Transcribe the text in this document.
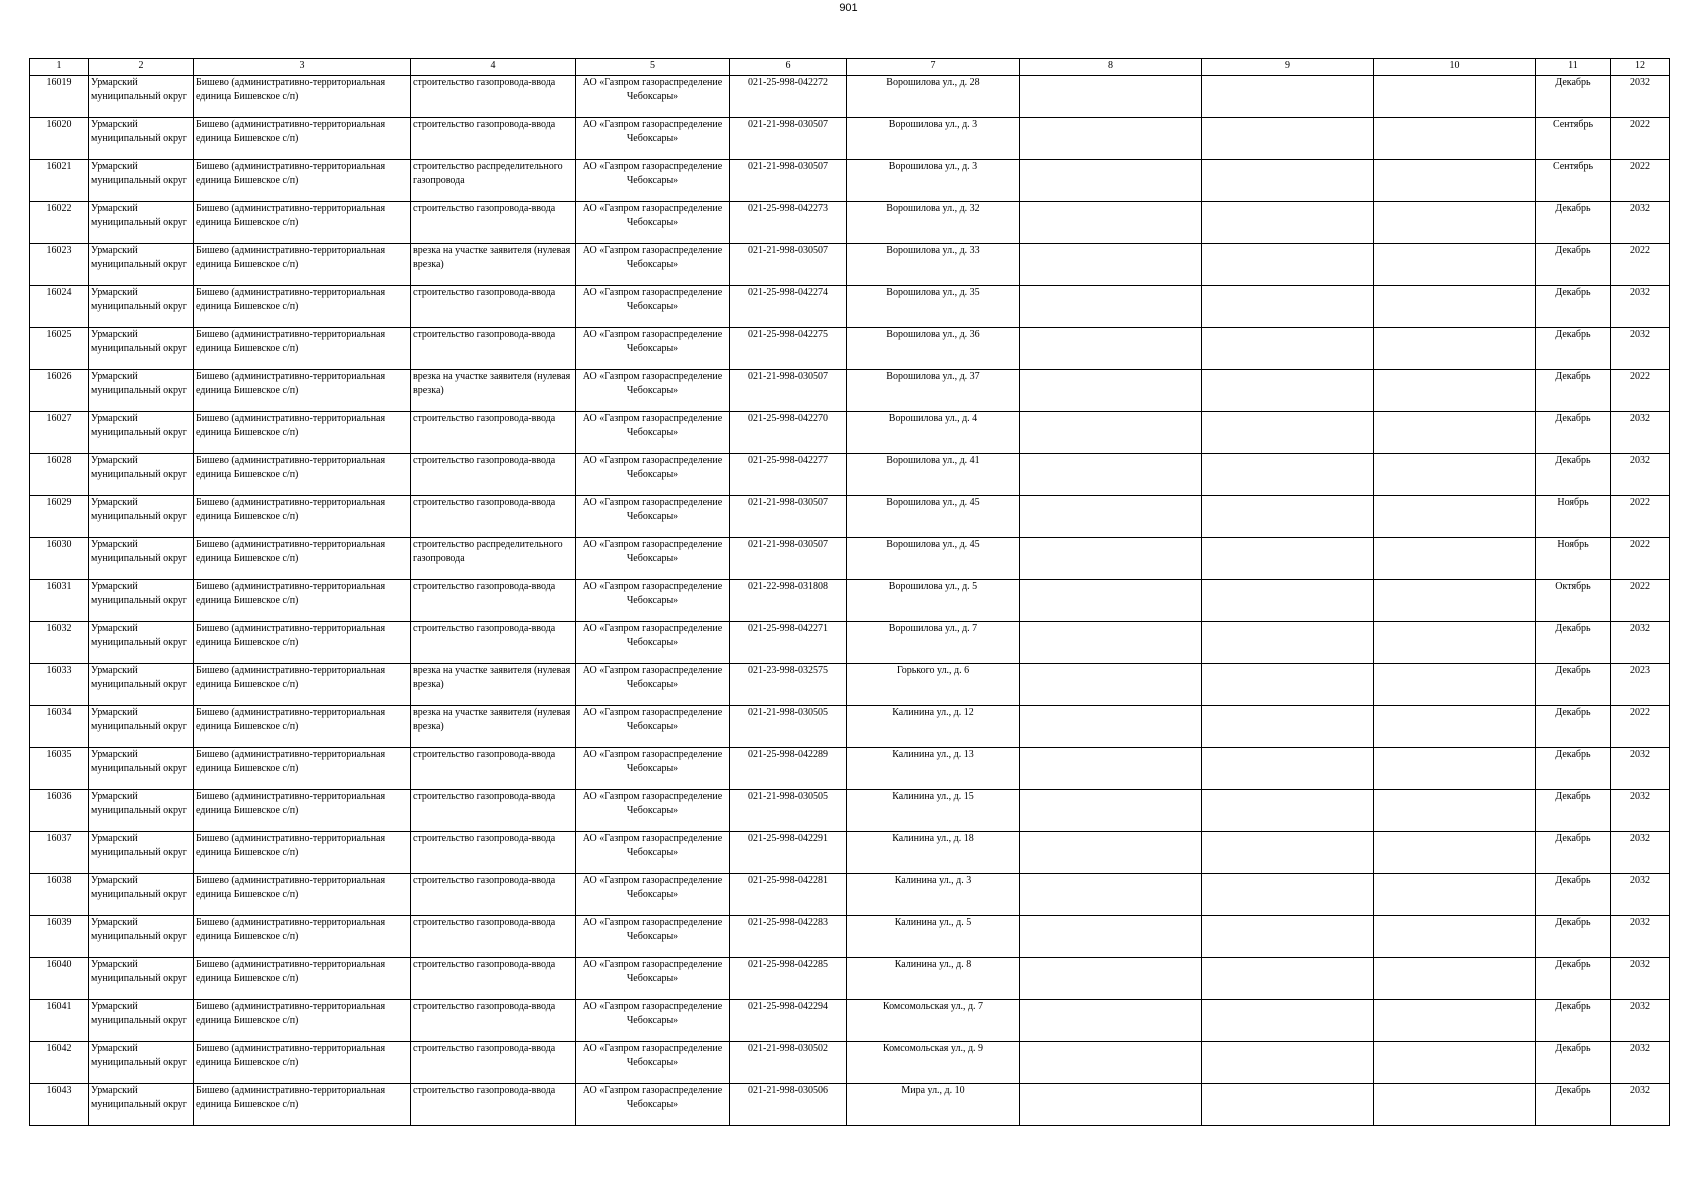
901
1	2	3	4	5	6	7	8	9	10	11	12

16019	Урмарский муниципальный округ	Бишево (административно-территориальная единица Бишевское с/п)	строительство газопровода-ввода	АО «Газпром газораспределение Чебоксары»	021-25-998-042272	Ворошилова ул., д. 28				Декабрь	2032

16020	Урмарский муниципальный округ	Бишево (административно-территориальная единица Бишевское с/п)	строительство газопровода-ввода	АО «Газпром газораспределение Чебоксары»	021-21-998-030507	Ворошилова ул., д. 3				Сентябрь	2022

16021	Урмарский муниципальный округ	Бишево (административно-территориальная единица Бишевское с/п)	строительство распределительного газопровода	АО «Газпром газораспределение Чебоксары»	021-21-998-030507	Ворошилова ул., д. 3				Сентябрь	2022

16022	Урмарский муниципальный округ	Бишево (административно-территориальная единица Бишевское с/п)	строительство газопровода-ввода	АО «Газпром газораспределение Чебоксары»	021-25-998-042273	Ворошилова ул., д. 32				Декабрь	2032

16023	Урмарский муниципальный округ	Бишево (административно-территориальная единица Бишевское с/п)	врезка на участке заявителя (нулевая врезка)	АО «Газпром газораспределение Чебоксары»	021-21-998-030507	Ворошилова ул., д. 33				Декабрь	2022

16024	Урмарский муниципальный округ	Бишево (административно-территориальная единица Бишевское с/п)	строительство газопровода-ввода	АО «Газпром газораспределение Чебоксары»	021-25-998-042274	Ворошилова ул., д. 35				Декабрь	2032

16025	Урмарский муниципальный округ	Бишево (административно-территориальная единица Бишевское с/п)	строительство газопровода-ввода	АО «Газпром газораспределение Чебоксары»	021-25-998-042275	Ворошилова ул., д. 36				Декабрь	2032

16026	Урмарский муниципальный округ	Бишево (административно-территориальная единица Бишевское с/п)	врезка на участке заявителя (нулевая врезка)	АО «Газпром газораспределение Чебоксары»	021-21-998-030507	Ворошилова ул., д. 37				Декабрь	2022

16027	Урмарский муниципальный округ	Бишево (административно-территориальная единица Бишевское с/п)	строительство газопровода-ввода	АО «Газпром газораспределение Чебоксары»	021-25-998-042270	Ворошилова ул., д. 4				Декабрь	2032

16028	Урмарский муниципальный округ	Бишево (административно-территориальная единица Бишевское с/п)	строительство газопровода-ввода	АО «Газпром газораспределение Чебоксары»	021-25-998-042277	Ворошилова ул., д. 41				Декабрь	2032

16029	Урмарский муниципальный округ	Бишево (административно-территориальная единица Бишевское с/п)	строительство газопровода-ввода	АО «Газпром газораспределение Чебоксары»	021-21-998-030507	Ворошилова ул., д. 45				Ноябрь	2022

16030	Урмарский муниципальный округ	Бишево (административно-территориальная единица Бишевское с/п)	строительство распределительного газопровода	АО «Газпром газораспределение Чебоксары»	021-21-998-030507	Ворошилова ул., д. 45				Ноябрь	2022

16031	Урмарский муниципальный округ	Бишево (административно-территориальная единица Бишевское с/п)	строительство газопровода-ввода	АО «Газпром газораспределение Чебоксары»	021-22-998-031808	Ворошилова ул., д. 5				Октябрь	2022

16032	Урмарский муниципальный округ	Бишево (административно-территориальная единица Бишевское с/п)	строительство газопровода-ввода	АО «Газпром газораспределение Чебоксары»	021-25-998-042271	Ворошилова ул., д. 7				Декабрь	2032

16033	Урмарский муниципальный округ	Бишево (административно-территориальная единица Бишевское с/п)	врезка на участке заявителя (нулевая врезка)	АО «Газпром газораспределение Чебоксары»	021-23-998-032575	Горького ул., д. 6				Декабрь	2023

16034	Урмарский муниципальный округ	Бишево (административно-территориальная единица Бишевское с/п)	врезка на участке заявителя (нулевая врезка)	АО «Газпром газораспределение Чебоксары»	021-21-998-030505	Калинина ул., д. 12				Декабрь	2022

16035	Урмарский муниципальный округ	Бишево (административно-территориальная единица Бишевское с/п)	строительство газопровода-ввода	АО «Газпром газораспределение Чебоксары»	021-25-998-042289	Калинина ул., д. 13				Декабрь	2032

16036	Урмарский муниципальный округ	Бишево (административно-территориальная единица Бишевское с/п)	строительство газопровода-ввода	АО «Газпром газораспределение Чебоксары»	021-21-998-030505	Калинина ул., д. 15				Декабрь	2032

16037	Урмарский муниципальный округ	Бишево (административно-территориальная единица Бишевское с/п)	строительство газопровода-ввода	АО «Газпром газораспределение Чебоксары»	021-25-998-042291	Калинина ул., д. 18				Декабрь	2032

16038	Урмарский муниципальный округ	Бишево (административно-территориальная единица Бишевское с/п)	строительство газопровода-ввода	АО «Газпром газораспределение Чебоксары»	021-25-998-042281	Калинина ул., д. 3				Декабрь	2032

16039	Урмарский муниципальный округ	Бишево (административно-территориальная единица Бишевское с/п)	строительство газопровода-ввода	АО «Газпром газораспределение Чебоксары»	021-25-998-042283	Калинина ул., д. 5				Декабрь	2032

16040	Урмарский муниципальный округ	Бишево (административно-территориальная единица Бишевское с/п)	строительство газопровода-ввода	АО «Газпром газораспределение Чебоксары»	021-25-998-042285	Калинина ул., д. 8				Декабрь	2032

16041	Урмарский муниципальный округ	Бишево (административно-территориальная единица Бишевское с/п)	строительство газопровода-ввода	АО «Газпром газораспределение Чебоксары»	021-25-998-042294	Комсомольская ул., д. 7				Декабрь	2032

16042	Урмарский муниципальный округ	Бишево (административно-территориальная единица Бишевское с/п)	строительство газопровода-ввода	АО «Газпром газораспределение Чебоксары»	021-21-998-030502	Комсомольская ул., д. 9				Декабрь	2032

16043	Урмарский муниципальный округ	Бишево (административно-территориальная единица Бишевское с/п)	строительство газопровода-ввода	АО «Газпром газораспределение Чебоксары»	021-21-998-030506	Мира ул., д. 10				Декабрь	2032
